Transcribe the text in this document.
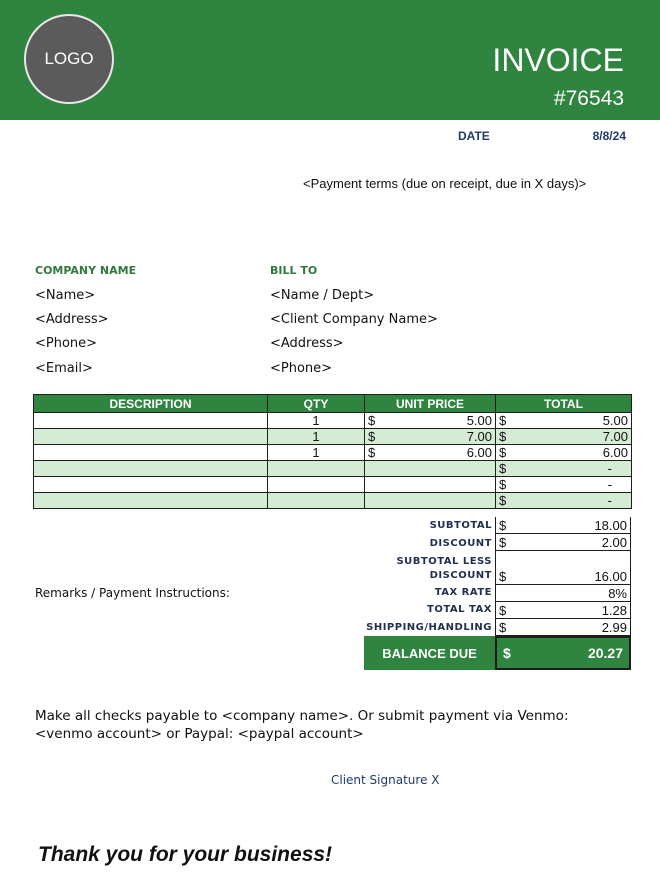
LOGO	INVOICE
#76543
DATE	8/8/24
<Payment terms (due on receipt, due in X days)>
COMPANY NAME
<Name>
<Address>
<Phone>
<Email>
BILL TO
<Name / Dept>
<Client Company Name>
<Address>
<Phone>
DESCRIPTION	QTY	UNIT PRICE	TOTAL
	1	$ 5.00	$ 5.00

	1	$ 7.00	$ 7.00

	1	$ 6.00	$ 6.00

			$ -

			$ -

			$ -
SUBTOTAL $	18.00
DISCOUNT $	2.00
SUBTOTAL LESS
DISCOUNT $	16.00
TAX RATE	8%
TOTAL TAX $	1.28
SHIPPING/HANDLING $	2.99
BALANCE DUE	$	20.27
Remarks / Payment Instructions:
Make all checks payable to <company name>. Or submit payment via Venmo: <venmo account> or Paypal: <paypal account>
Client Signature X
Thank you for your business!
